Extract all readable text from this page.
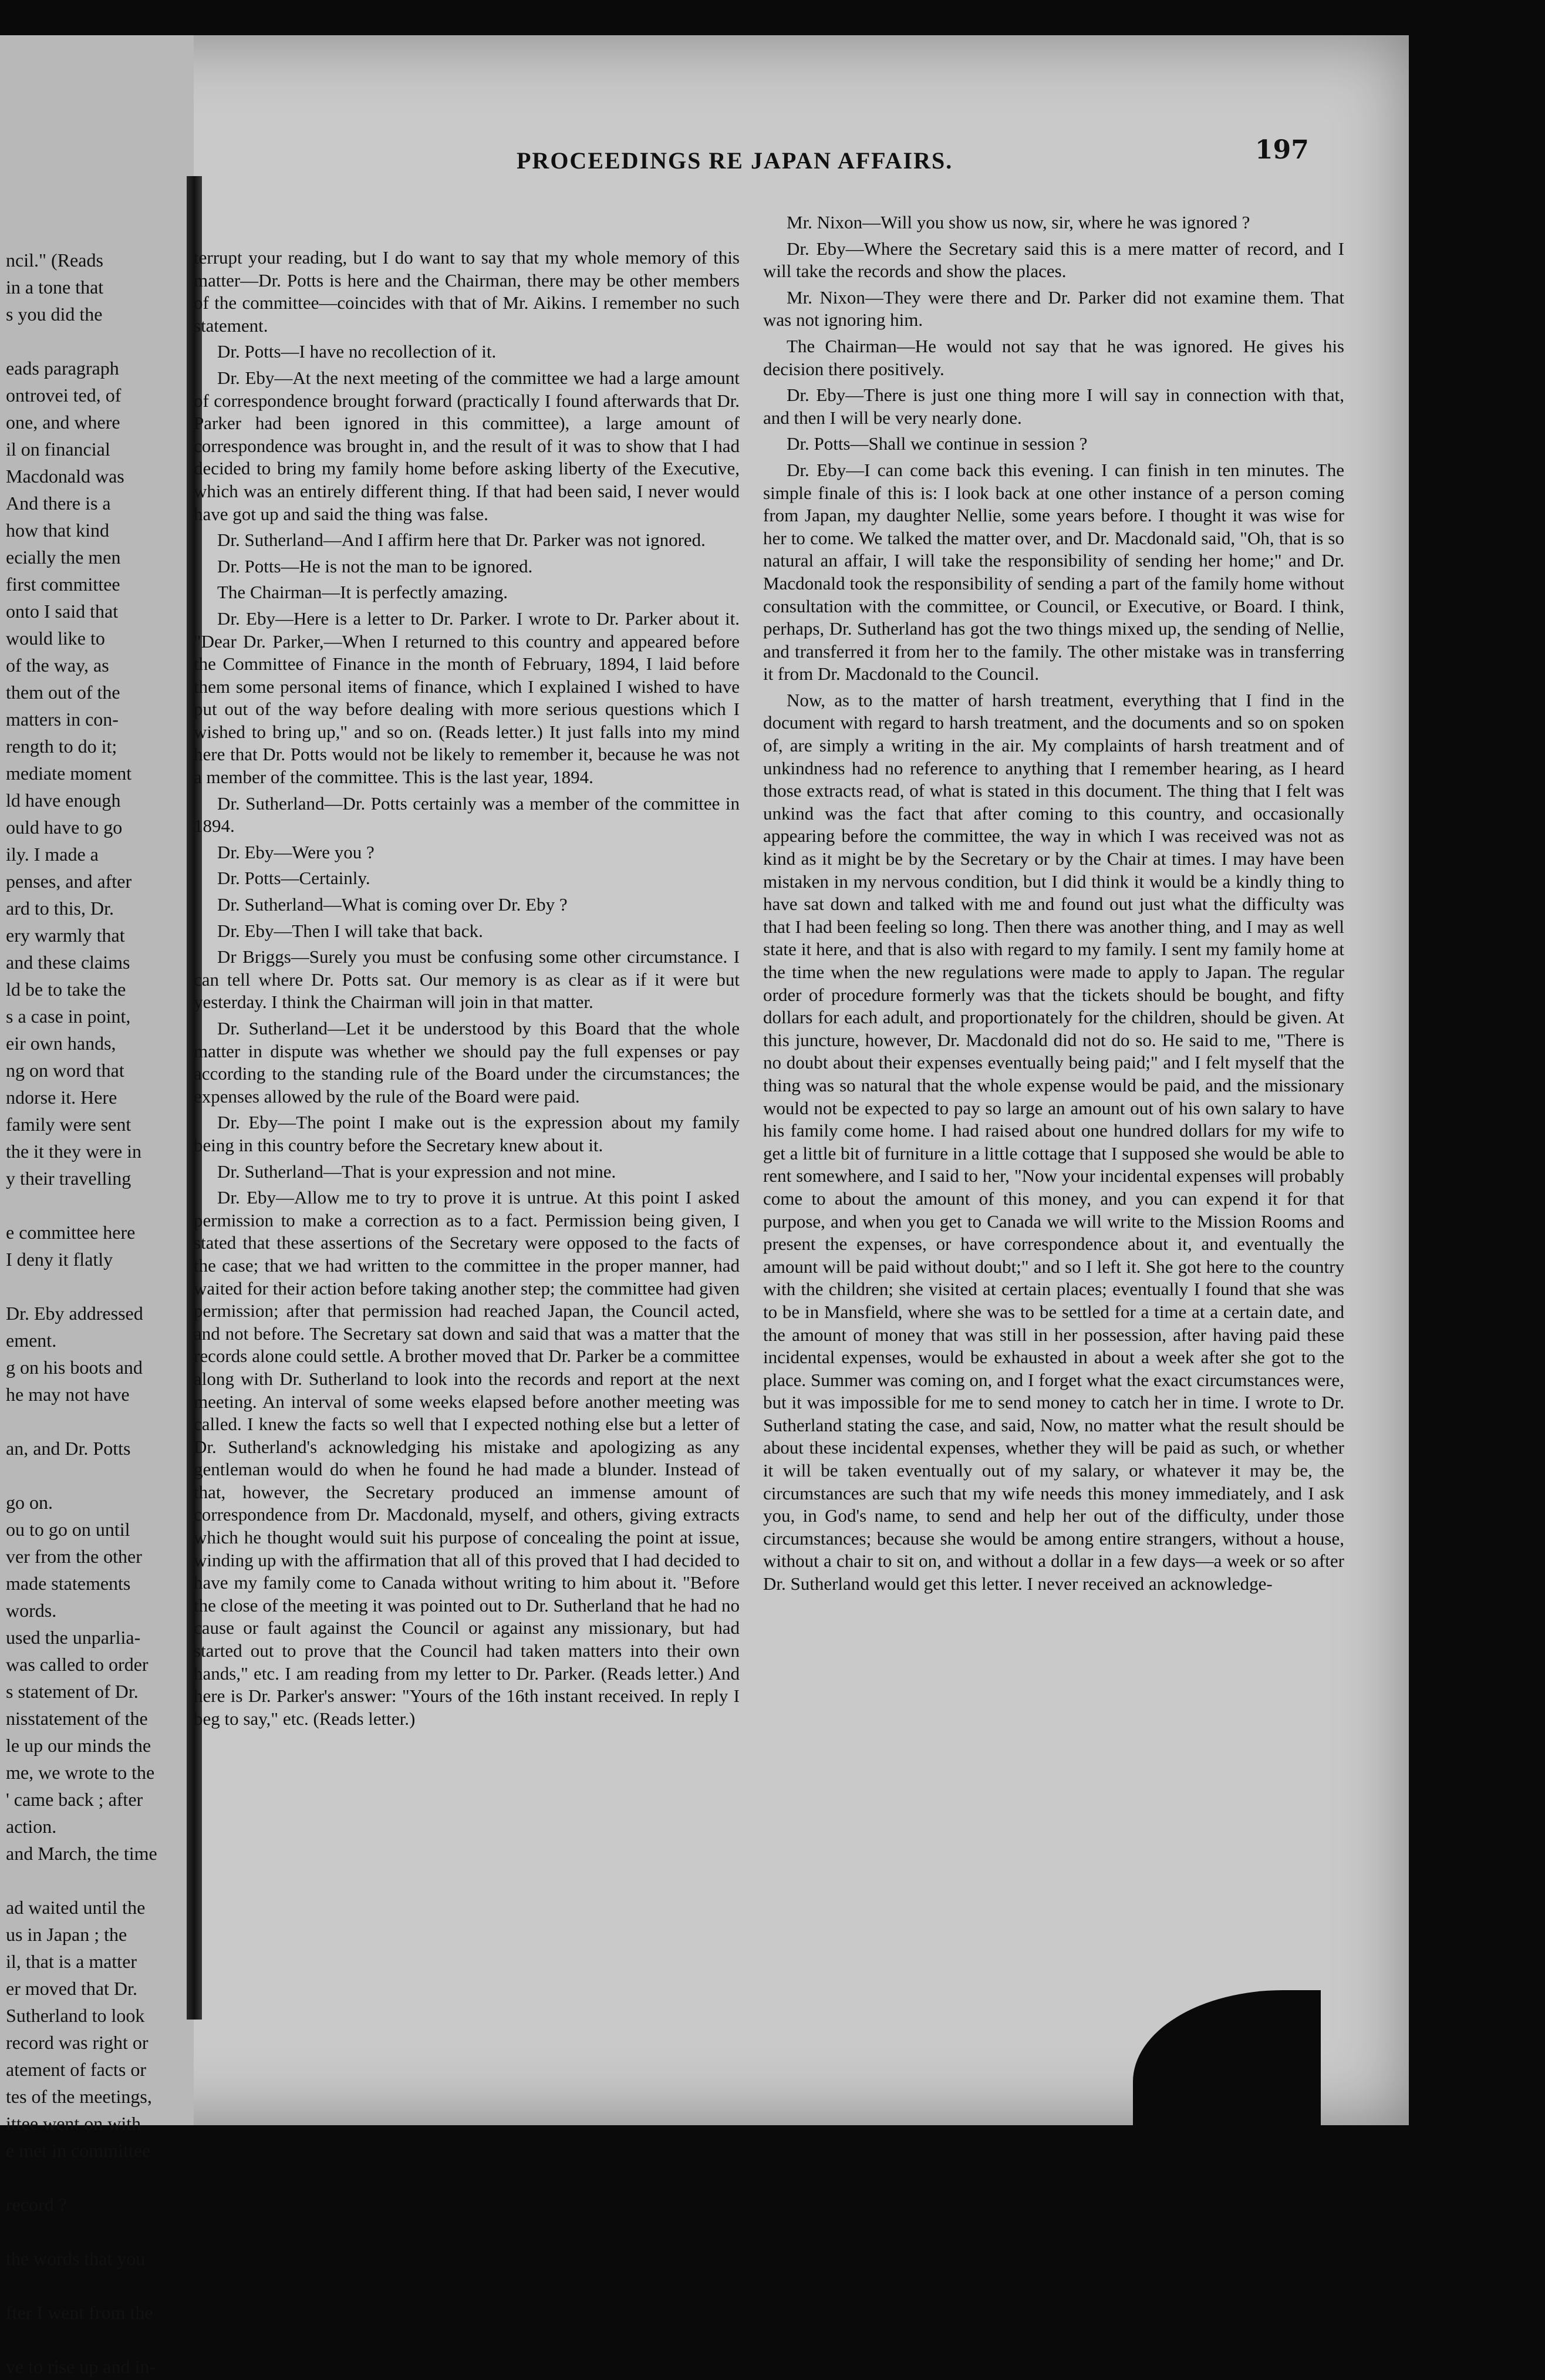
PROCEEDINGS RE JAPAN AFFAIRS.	197
ncil." (Reads
in a tone that
s you did the

eads paragraph
ontrovei ted, of
one, and where
il on financial
Macdonald was
And there is a
how that kind
ecially the men
first committee
onto I said that
would like to
of the way, as
them out of the
matters in con-
rength to do it;
mediate moment
ld have enough
ould have to go
ily. I made a
penses, and after
ard to this, Dr.
ery warmly that
and these claims
ld be to take the
s a case in point,
eir own hands,
ng on word that
ndorse it. Here
family were sent
the it they were in
y their travelling

e committee here
I deny it flatly

Dr. Eby addressed
ement.
g on his boots and
he may not have

an, and Dr. Potts

go on.
ou to go on until
ver from the other
made statements
words.
used the unparlia-
was called to order
s statement of Dr.
nisstatement of the
le up our minds the
me, we wrote to the
' came back ; after
action.
and March, the time

ad waited until the
us in Japan ; the
il, that is a matter
er moved that Dr.
Sutherland to look
record was right or
atement of facts or
tes of the meetings,
ittee went on with
e met in committee

record ?

the words that you

fter I went from the

ve to rise up and in-

terrupt your reading, but I do want to say that my whole memory of this matter—Dr. Potts is here and the Chairman, there may be other members of the committee—coincides with that of Mr. Aikins. I remember no such statement.

Dr. Potts—I have no recollection of it.

Dr. Eby—At the next meeting of the committee we had a large amount of correspondence brought forward (practically I found afterwards that Dr. Parker had been ignored in this committee), a large amount of correspondence was brought in, and the result of it was to show that I had decided to bring my family home before asking liberty of the Executive, which was an entirely different thing. If that had been said, I never would have got up and said the thing was false.

Dr. Sutherland—And I affirm here that Dr. Parker was not ignored.

Dr. Potts—He is not the man to be ignored.

The Chairman—It is perfectly amazing.

Dr. Eby—Here is a letter to Dr. Parker. I wrote to Dr. Parker about it. "Dear Dr. Parker,—When I returned to this country and appeared before the Committee of Finance in the month of February, 1894, I laid before them some personal items of finance, which I explained I wished to have put out of the way before dealing with more serious questions which I wished to bring up," and so on. (Reads letter.) It just falls into my mind here that Dr. Potts would not be likely to remember it, because he was not a member of the committee. This is the last year, 1894.

Dr. Sutherland—Dr. Potts certainly was a member of the committee in 1894.

Dr. Eby—Were you ?

Dr. Potts—Certainly.

Dr. Sutherland—What is coming over Dr. Eby ?

Dr. Eby—Then I will take that back.

Dr Briggs—Surely you must be confusing some other circumstance. I can tell where Dr. Potts sat. Our memory is as clear as if it were but yesterday. I think the Chairman will join in that matter.

Dr. Sutherland—Let it be understood by this Board that the whole matter in dispute was whether we should pay the full expenses or pay according to the standing rule of the Board under the circumstances; the expenses allowed by the rule of the Board were paid.

Dr. Eby—The point I make out is the expression about my family being in this country before the Secretary knew about it.

Dr. Sutherland—That is your expression and not mine.

Dr. Eby—Allow me to try to prove it is untrue. At this point I asked permission to make a correction as to a fact. Permission being given, I stated that these assertions of the Secretary were opposed to the facts of the case; that we had written to the committee in the proper manner, had waited for their action before taking another step; the committee had given permission; after that permission had reached Japan, the Council acted, and not before. The Secretary sat down and said that was a matter that the records alone could settle. A brother moved that Dr. Parker be a committee along with Dr. Sutherland to look into the records and report at the next meeting. An interval of some weeks elapsed before another meeting was called. I knew the facts so well that I expected nothing else but a letter of Dr. Sutherland's acknowledging his mistake and apologizing as any gentleman would do when he found he had made a blunder. Instead of that, however, the Secretary produced an immense amount of correspondence from Dr. Macdonald, myself, and others, giving extracts which he thought would suit his purpose of concealing the point at issue, winding up with the affirmation that all of this proved that I had decided to have my family come to Canada without writing to him about it. "Before the close of the meeting it was pointed out to Dr. Sutherland that he had no cause or fault against the Council or against any missionary, but had started out to prove that the Council had taken matters into their own hands," etc. I am reading from my letter to Dr. Parker. (Reads letter.) And here is Dr. Parker's answer: "Yours of the 16th instant received. In reply I beg to say," etc. (Reads letter.)

Mr. Nixon—Will you show us now, sir, where he was ignored ?

Dr. Eby—Where the Secretary said this is a mere matter of record, and I will take the records and show the places.

Mr. Nixon—They were there and Dr. Parker did not examine them. That was not ignoring him.

The Chairman—He would not say that he was ignored. He gives his decision there positively.

Dr. Eby—There is just one thing more I will say in connection with that, and then I will be very nearly done.

Dr. Potts—Shall we continue in session ?

Dr. Eby—I can come back this evening. I can finish in ten minutes. The simple finale of this is: I look back at one other instance of a person coming from Japan, my daughter Nellie, some years before. I thought it was wise for her to come. We talked the matter over, and Dr. Macdonald said, "Oh, that is so natural an affair, I will take the responsibility of sending her home;" and Dr. Macdonald took the responsibility of sending a part of the family home without consultation with the committee, or Council, or Executive, or Board. I think, perhaps, Dr. Sutherland has got the two things mixed up, the sending of Nellie, and transferred it from her to the family. The other mistake was in transferring it from Dr. Macdonald to the Council.

Now, as to the matter of harsh treatment, everything that I find in the document with regard to harsh treatment, and the documents and so on spoken of, are simply a writing in the air. My complaints of harsh treatment and of unkindness had no reference to anything that I remember hearing, as I heard those extracts read, of what is stated in this document. The thing that I felt was unkind was the fact that after coming to this country, and occasionally appearing before the committee, the way in which I was received was not as kind as it might be by the Secretary or by the Chair at times. I may have been mistaken in my nervous condition, but I did think it would be a kindly thing to have sat down and talked with me and found out just what the difficulty was that I had been feeling so long. Then there was another thing, and I may as well state it here, and that is also with regard to my family. I sent my family home at the time when the new regulations were made to apply to Japan. The regular order of procedure formerly was that the tickets should be bought, and fifty dollars for each adult, and proportionately for the children, should be given. At this juncture, however, Dr. Macdonald did not do so. He said to me, "There is no doubt about their expenses eventually being paid;" and I felt myself that the thing was so natural that the whole expense would be paid, and the missionary would not be expected to pay so large an amount out of his own salary to have his family come home. I had raised about one hundred dollars for my wife to get a little bit of furniture in a little cottage that I supposed she would be able to rent somewhere, and I said to her, "Now your incidental expenses will probably come to about the amount of this money, and you can expend it for that purpose, and when you get to Canada we will write to the Mission Rooms and present the expenses, or have correspondence about it, and eventually the amount will be paid without doubt;" and so I left it. She got here to the country with the children; she visited at certain places; eventually I found that she was to be in Mansfield, where she was to be settled for a time at a certain date, and the amount of money that was still in her possession, after having paid these incidental expenses, would be exhausted in about a week after she got to the place. Summer was coming on, and I forget what the exact circumstances were, but it was impossible for me to send money to catch her in time. I wrote to Dr. Sutherland stating the case, and said, Now, no matter what the result should be about these incidental expenses, whether they will be paid as such, or whether it will be taken eventually out of my salary, or whatever it may be, the circumstances are such that my wife needs this money immediately, and I ask you, in God's name, to send and help her out of the difficulty, under those circumstances; because she would be among entire strangers, without a house, without a chair to sit on, and without a dollar in a few days—a week or so after Dr. Sutherland would get this letter. I never received an acknowledge-
